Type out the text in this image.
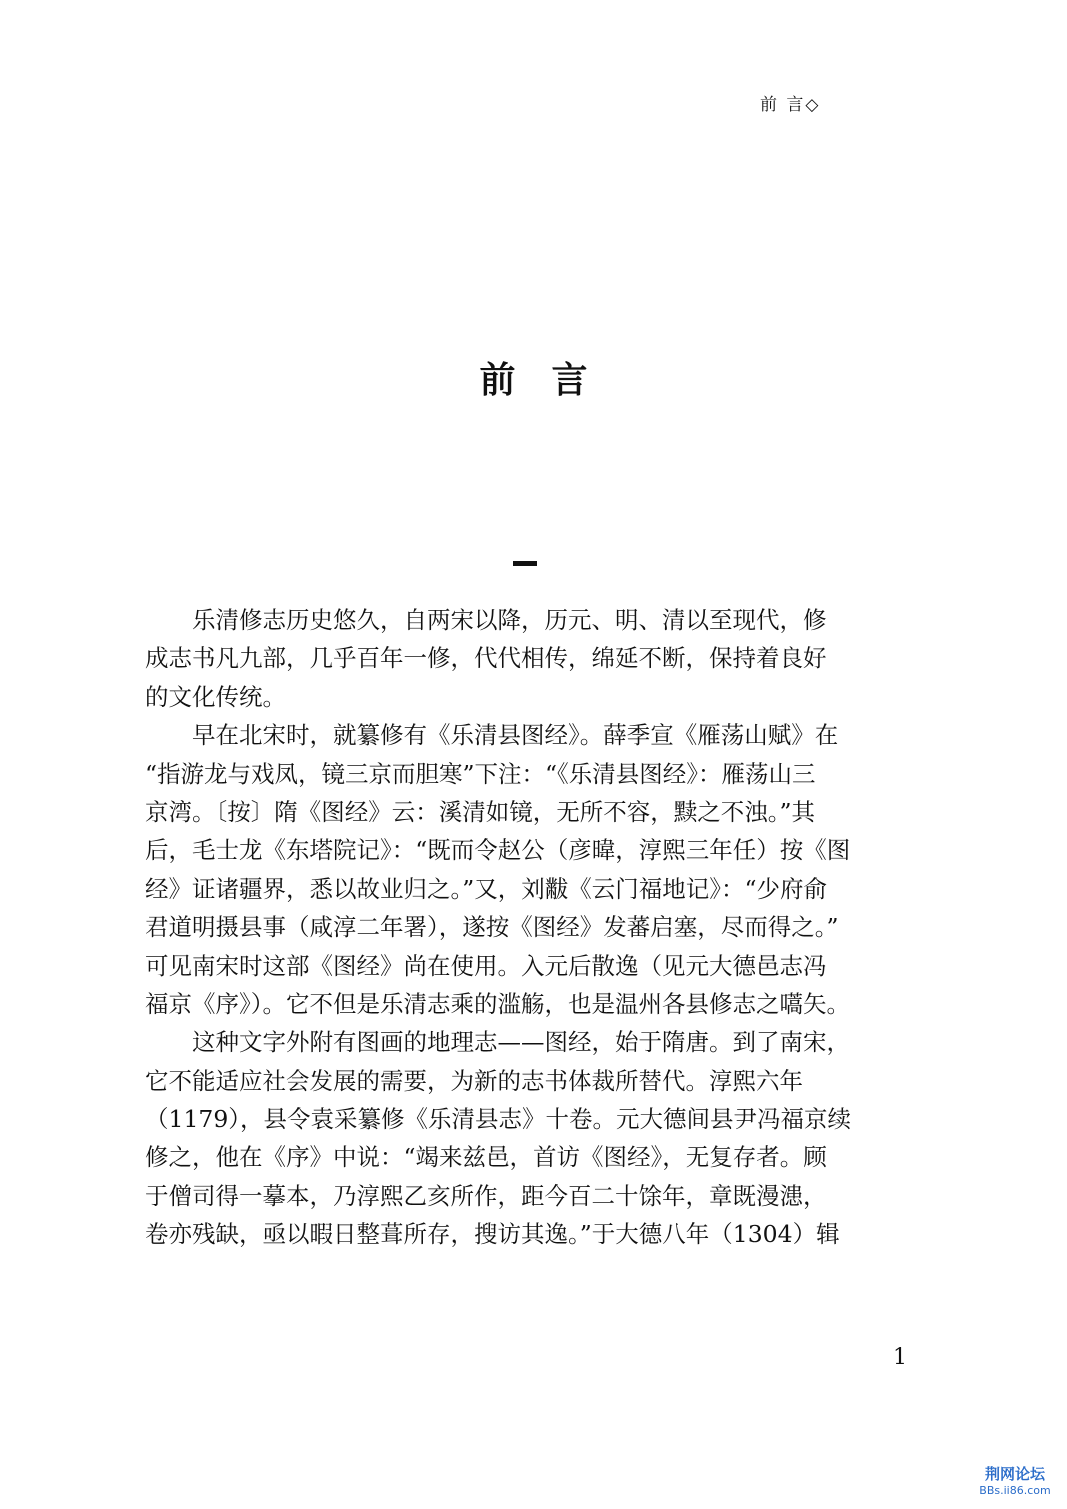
前 言◇
前言
　　乐清修志历史悠久，自两宋以降，历元、明、清以至现代，修
成志书凡九部，几乎百年一修，代代相传，绵延不断，保持着良好
的文化传统。
　　早在北宋时，就纂修有《乐清县图经》。薛季宣《雁荡山赋》在
“指游龙与戏凤，镜三京而胆寒”下注：“《乐清县图经》：雁荡山三
京湾。〔按〕隋《图经》云：溪清如镜，无所不容，黩之不浊。”其
后，毛士龙《东塔院记》：“既而令赵公（彦暐，淳熙三年任）按《图
经》证诸疆界，悉以故业归之。”又，刘黻《云门福地记》：“少府俞
君道明摄县事（咸淳二年署），遂按《图经》发蕃启塞，尽而得之。”
可见南宋时这部《图经》尚在使用。入元后散逸（见元大德邑志冯
福京《序》）。它不但是乐清志乘的滥觞，也是温州各县修志之嚆矢。
　　这种文字外附有图画的地理志——图经，始于隋唐。到了南宋，
它不能适应社会发展的需要，为新的志书体裁所替代。淳熙六年
（1179），县令袁采纂修《乐清县志》十卷。元大德间县尹冯福京续
修之，他在《序》中说：“竭来兹邑，首访《图经》，无复存者。顾
于僧司得一摹本，乃淳熙乙亥所作，距今百二十馀年，章既漫漶，
卷亦残缺，亟以暇日整葺所存，搜访其逸。”于大德八年（1304）辑
1
荆网论坛
BBs.ii86.com
